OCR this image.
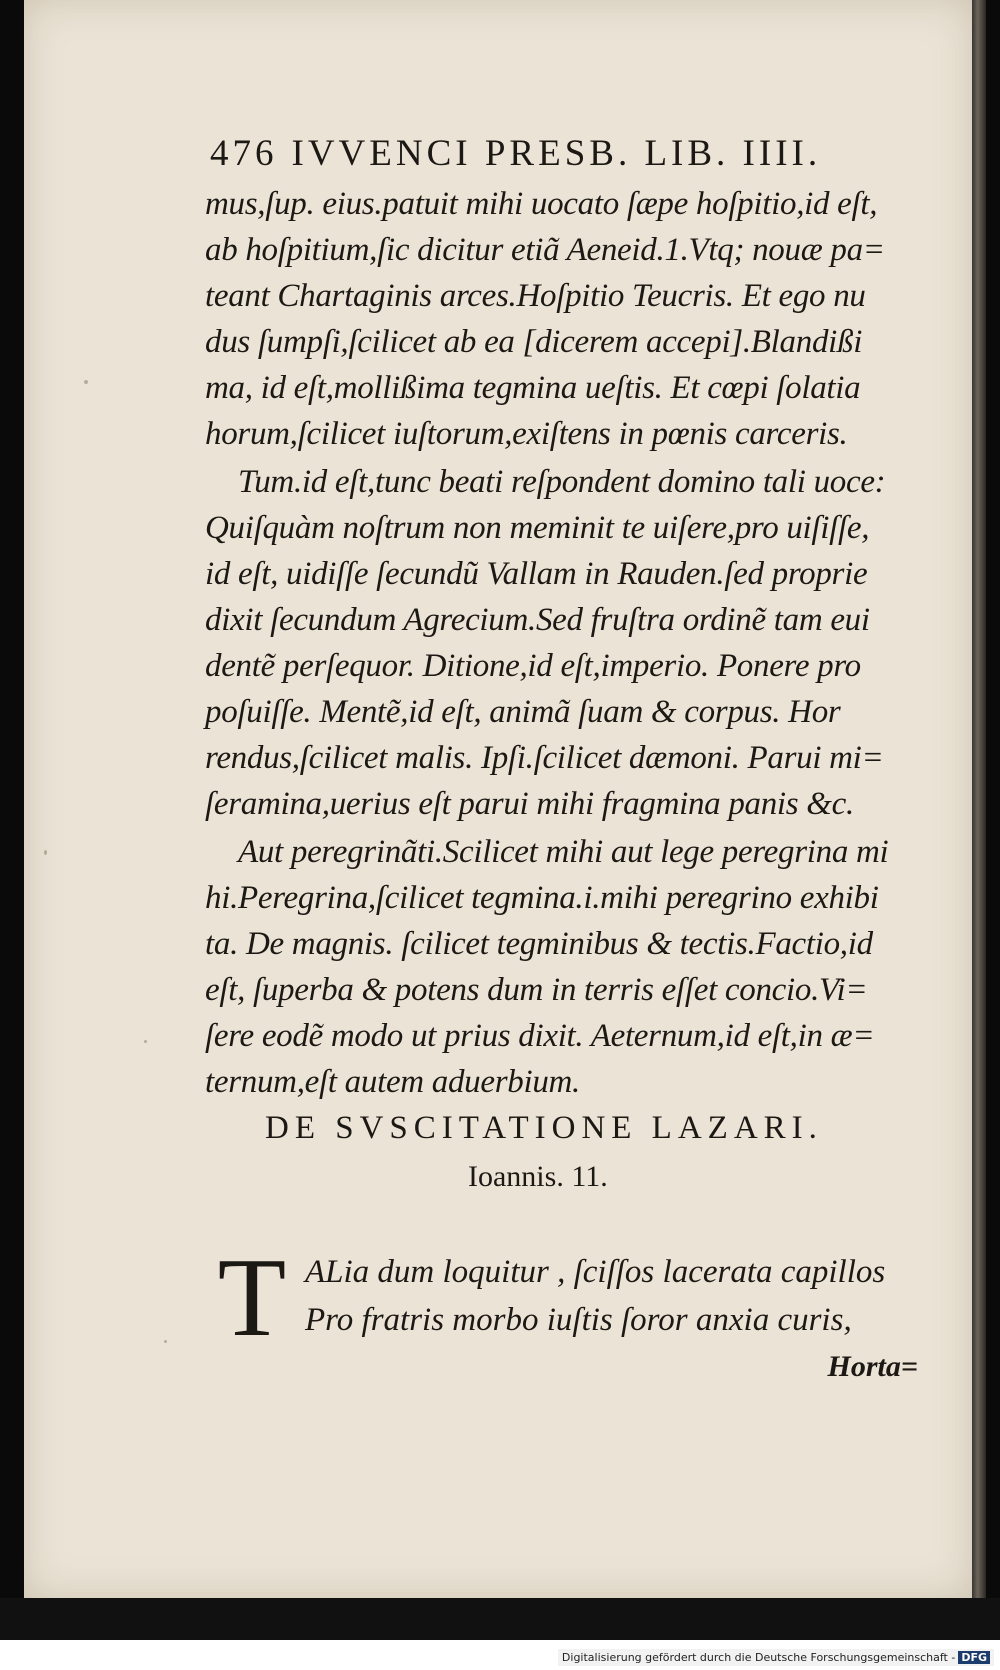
476 IVVENCI PRESB. LIB. IIII.
mus,ſup. eius.patuit mihi uocato ſæpe hoſpitio,id eſt,
ab hoſpitium,ſic dicitur etiã Aeneid.1.Vtq; nouæ pa=
teant Chartaginis arces.Hoſpitio Teucris. Et ego nu
dus ſumpſi,ſcilicet ab ea [dicerem accepi].Blandißi
ma, id eſt,mollißima tegmina ueſtis. Et cœpi ſolatia
horum,ſcilicet iuſtorum,exiſtens in pœnis carceris.
Tum.id eſt,tunc beati reſpondent domino tali uoce:
Quiſquàm noſtrum non meminit te uiſere,pro uiſiſſe,
id eſt, uidiſſe ſecundũ Vallam in Rauden.ſed proprie
dixit ſecundum Agrecium.Sed fruſtra ordinẽ tam eui
dentẽ perſequor. Ditione,id eſt,imperio. Ponere pro
poſuiſſe. Mentẽ,id eſt, animã ſuam & corpus. Hor
rendus,ſcilicet malis. Ipſi.ſcilicet dæmoni. Parui mi=
ſeramina,uerius eſt parui mihi fragmina panis &c.
Aut peregrinãti.Scilicet mihi aut lege peregrina mi
hi.Peregrina,ſcilicet tegmina.i.mihi peregrino exhibi
ta. De magnis. ſcilicet tegminibus & tectis.Factio,id
eſt, ſuperba & potens dum in terris eſſet concio.Vi=
ſere eodẽ modo ut prius dixit. Aeternum,id eſt,in æ=
ternum,eſt autem aduerbium.
DE SVSCITATIONE LAZARI.
Ioannis. 11.
T ALia dum loquitur , ſciſſos lacerata capillos
Pro fratris morbo iuſtis ſoror anxia curis,
Horta=
Digitalisierung gefördert durch die Deutsche Forschungsgemeinschaft - DFG
